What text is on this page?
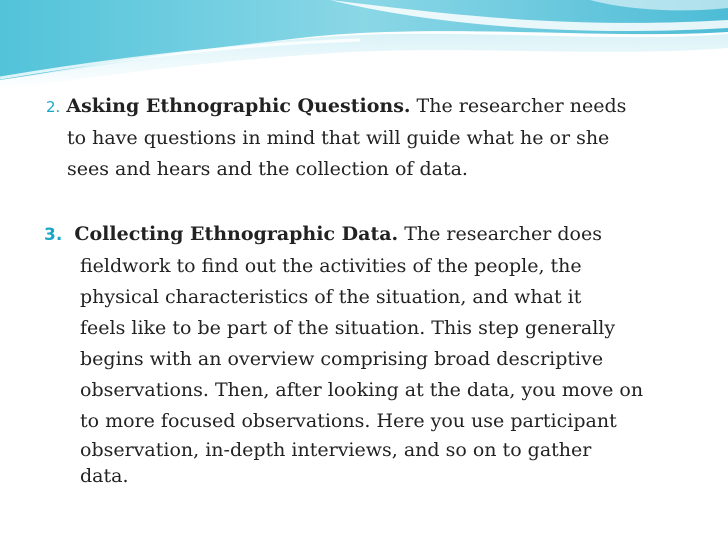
2. Asking Ethnographic Questions. The researcher needs
to have questions in mind that will guide what he or she
sees and hears and the collection of data.
3. Collecting Ethnographic Data. The researcher does
fieldwork to find out the activities of the people, the
physical characteristics of the situation, and what it
feels like to be part of the situation. This step generally
begins with an overview comprising broad descriptive
observations. Then, after looking at the data, you move on
to more focused observations. Here you use participant
observation, in-depth interviews, and so on to gather
data.
